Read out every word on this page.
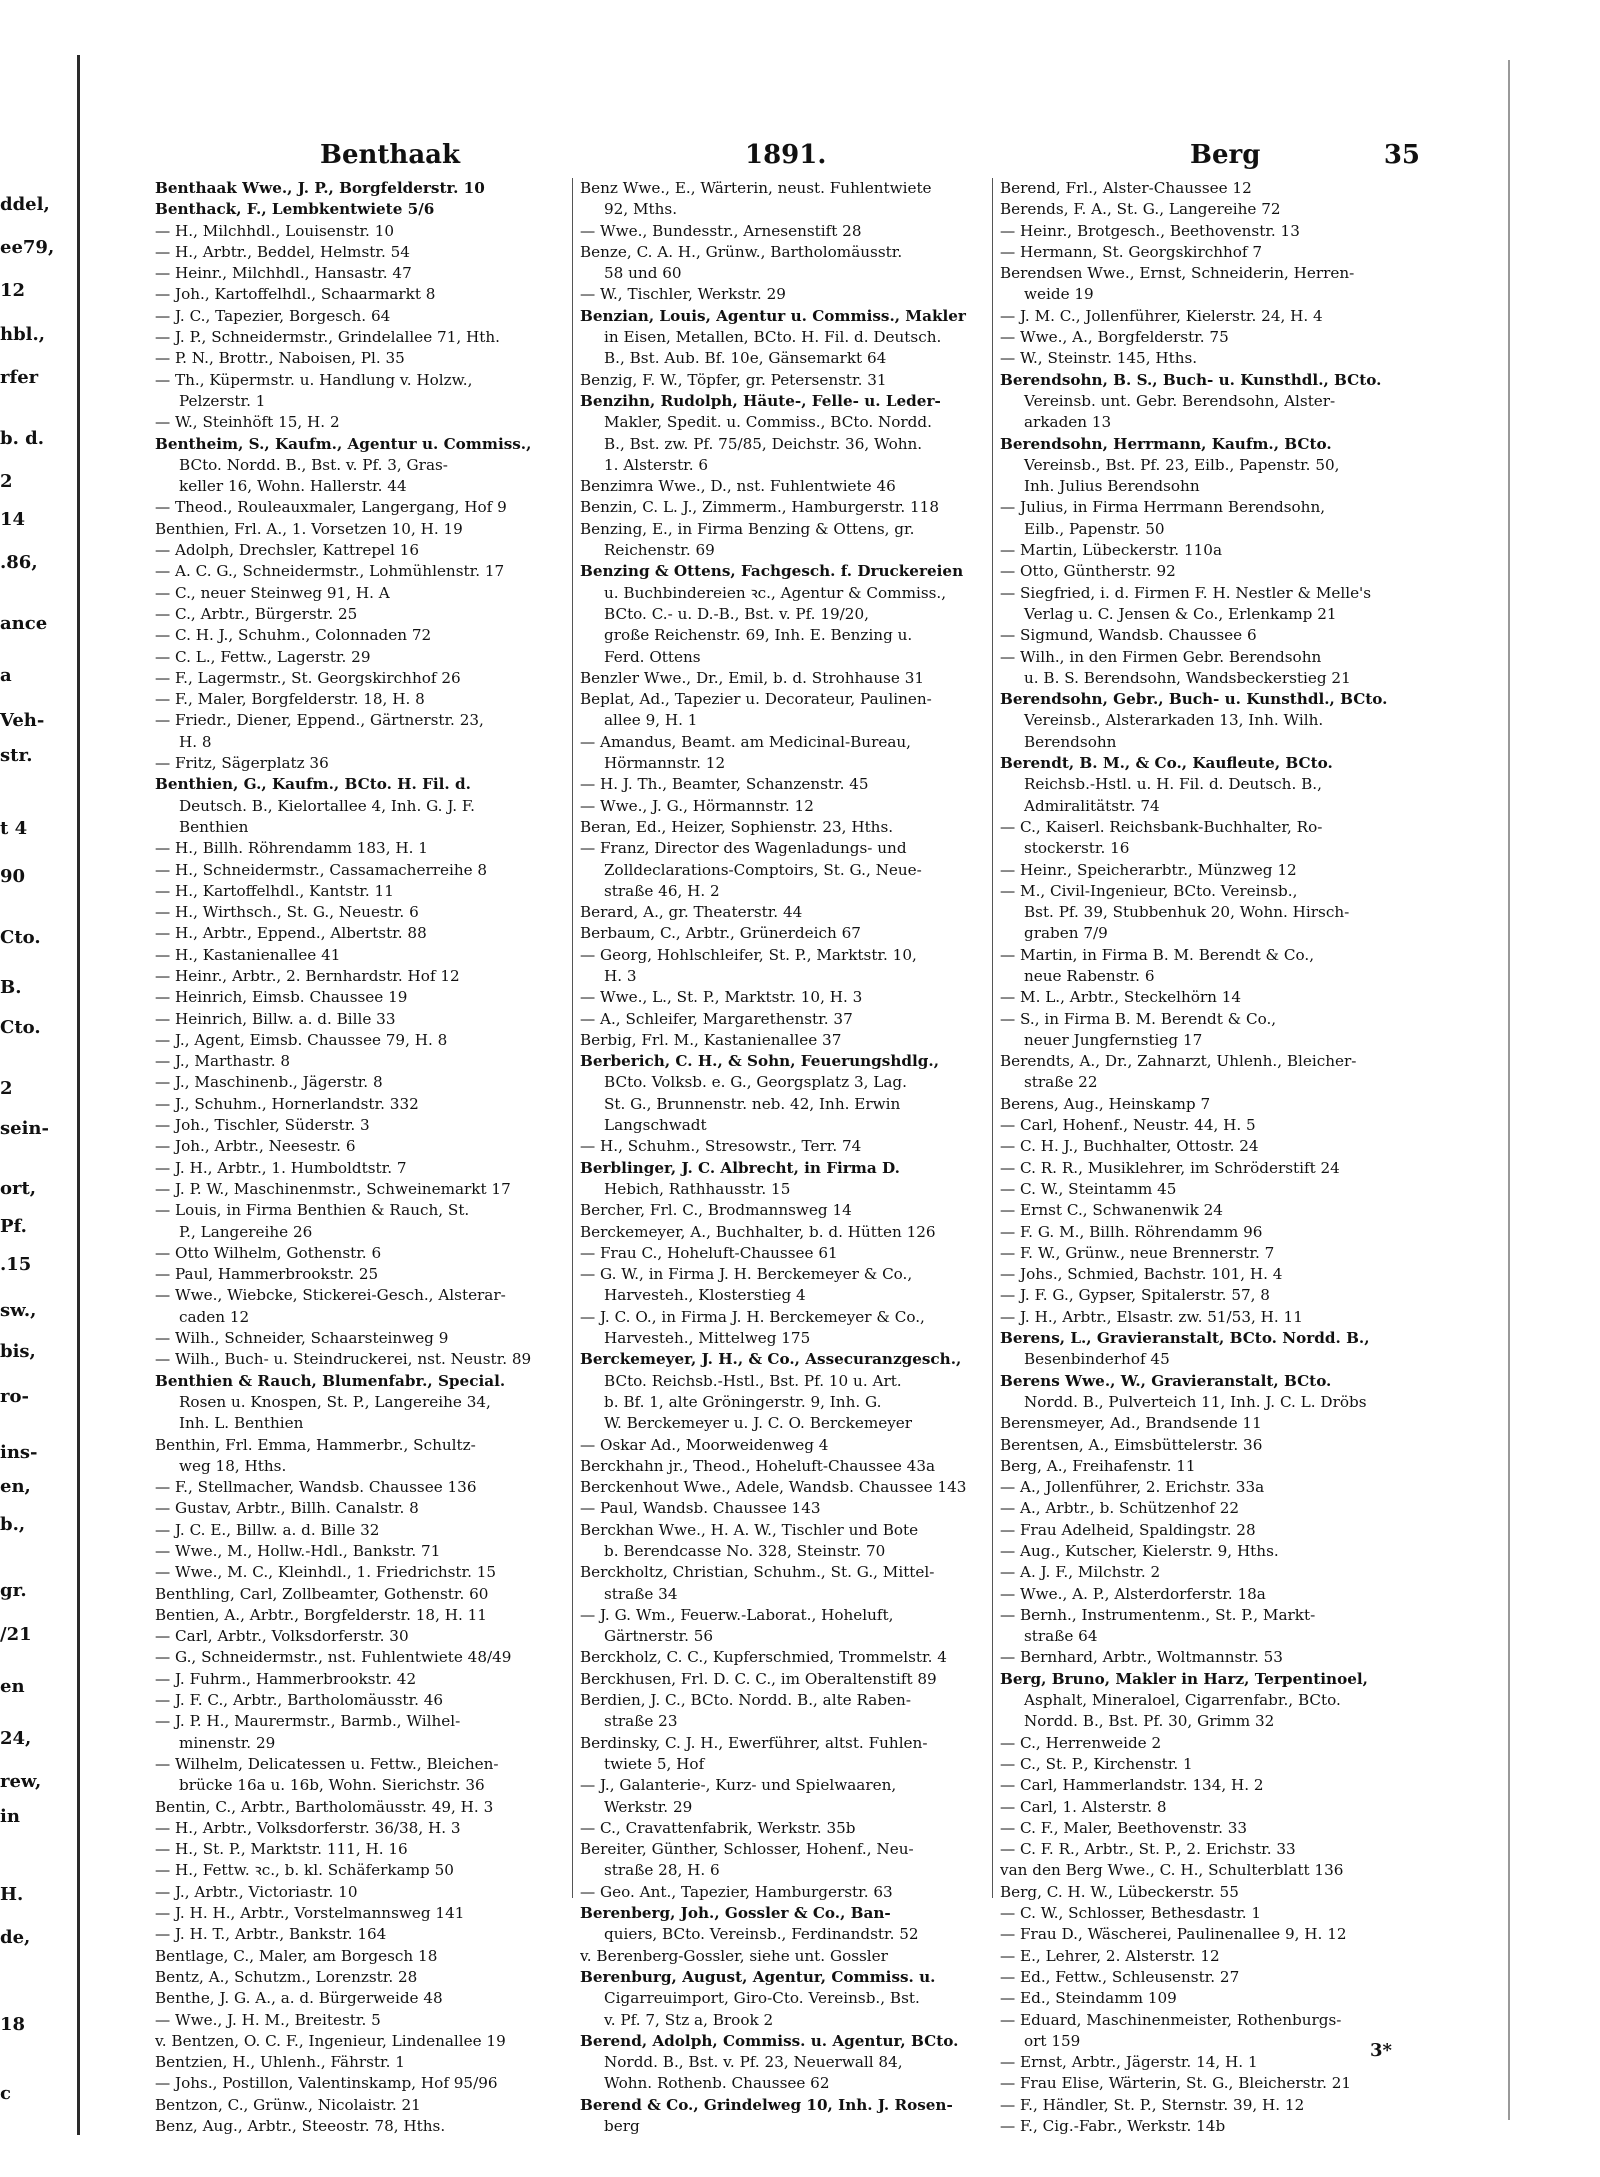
ddel,
ee79,
12
hbl.,
rfer
b. d.
2
14
.86,
ance
a
Veh-
str.
t 4
90
Cto.
B.
Cto.
2
sein-
ort,
Pf.
.15
sw.,
bis,
ro-
ins-
en,
b.,
gr.
/21
en
24,
rew,
in
H.
de,
18
c
Benthaak	1891.	Berg	35
Benthaak Wwe., J. P., Borgfelderstr. 10
Benthack, F., Lembkentwiete 5/6
— H., Milchhdl., Louisenstr. 10
— H., Arbtr., Beddel, Helmstr. 54
— Heinr., Milchhdl., Hansastr. 47
— Joh., Kartoffelhdl., Schaarmarkt 8
— J. C., Tapezier, Borgesch. 64
— J. P., Schneidermstr., Grindelallee 71, Hth.
— P. N., Brottr., Naboisen, Pl. 35
— Th., Küpermstr. u. Handlung v. Holzw.,
Pelzerstr. 1
— W., Steinhöft 15, H. 2
Bentheim, S., Kaufm., Agentur u. Commiss.,
BCto. Nordd. B., Bst. v. Pf. 3, Gras-
keller 16, Wohn. Hallerstr. 44
— Theod., Rouleauxmaler, Langergang, Hof 9
Benthien, Frl. A., 1. Vorsetzen 10, H. 19
— Adolph, Drechsler, Kattrepel 16
— A. C. G., Schneidermstr., Lohmühlenstr. 17
— C., neuer Steinweg 91, H. A
— C., Arbtr., Bürgerstr. 25
— C. H. J., Schuhm., Colonnaden 72
— C. L., Fettw., Lagerstr. 29
— F., Lagermstr., St. Georgskirchhof 26
— F., Maler, Borgfelderstr. 18, H. 8
— Friedr., Diener, Eppend., Gärtnerstr. 23,
H. 8
— Fritz, Sägerplatz 36
Benthien, G., Kaufm., BCto. H. Fil. d.
Deutsch. B., Kielortallee 4, Inh. G. J. F.
Benthien
— H., Billh. Röhrendamm 183, H. 1
— H., Schneidermstr., Cassamacherreihe 8
— H., Kartoffelhdl., Kantstr. 11
— H., Wirthsch., St. G., Neuestr. 6
— H., Arbtr., Eppend., Albertstr. 88
— H., Kastanienallee 41
— Heinr., Arbtr., 2. Bernhardstr. Hof 12
— Heinrich, Eimsb. Chaussee 19
— Heinrich, Billw. a. d. Bille 33
— J., Agent, Eimsb. Chaussee 79, H. 8
— J., Marthastr. 8
— J., Maschinenb., Jägerstr. 8
— J., Schuhm., Hornerlandstr. 332
— Joh., Tischler, Süderstr. 3
— Joh., Arbtr., Neesestr. 6
— J. H., Arbtr., 1. Humboldtstr. 7
— J. P. W., Maschinenmstr., Schweinemarkt 17
— Louis, in Firma Benthien & Rauch, St.
P., Langereihe 26
— Otto Wilhelm, Gothenstr. 6
— Paul, Hammerbrookstr. 25
— Wwe., Wiebcke, Stickerei-Gesch., Alsterar-
caden 12
— Wilh., Schneider, Schaarsteinweg 9
— Wilh., Buch- u. Steindruckerei, nst. Neustr. 89
Benthien & Rauch, Blumenfabr., Special.
Rosen u. Knospen, St. P., Langereihe 34,
Inh. L. Benthien
Benthin, Frl. Emma, Hammerbr., Schultz-
weg 18, Hths.
— F., Stellmacher, Wandsb. Chaussee 136
— Gustav, Arbtr., Billh. Canalstr. 8
— J. C. E., Billw. a. d. Bille 32
— Wwe., M., Hollw.-Hdl., Bankstr. 71
— Wwe., M. C., Kleinhdl., 1. Friedrichstr. 15
Benthling, Carl, Zollbeamter, Gothenstr. 60
Bentien, A., Arbtr., Borgfelderstr. 18, H. 11
— Carl, Arbtr., Volksdorferstr. 30
— G., Schneidermstr., nst. Fuhlentwiete 48/49
— J. Fuhrm., Hammerbrookstr. 42
— J. F. C., Arbtr., Bartholomäusstr. 46
— J. P. H., Maurermstr., Barmb., Wilhel-
minenstr. 29
— Wilhelm, Delicatessen u. Fettw., Bleichen-
brücke 16a u. 16b, Wohn. Sierichstr. 36
Bentin, C., Arbtr., Bartholomäusstr. 49, H. 3
— H., Arbtr., Volksdorferstr. 36/38, H. 3
— H., St. P., Marktstr. 111, H. 16
— H., Fettw. ꝛc., b. kl. Schäferkamp 50
— J., Arbtr., Victoriastr. 10
— J. H. H., Arbtr., Vorstelmannsweg 141
— J. H. T., Arbtr., Bankstr. 164
Bentlage, C., Maler, am Borgesch 18
Bentz, A., Schutzm., Lorenzstr. 28
Benthe, J. G. A., a. d. Bürgerweide 48
— Wwe., J. H. M., Breitestr. 5
v. Bentzen, O. C. F., Ingenieur, Lindenallee 19
Bentzien, H., Uhlenh., Fährstr. 1
— Johs., Postillon, Valentinskamp, Hof 95/96
Bentzon, C., Grünw., Nicolaistr. 21
Benz, Aug., Arbtr., Steeostr. 78, Hths.
Benz Wwe., E., Wärterin, neust. Fuhlentwiete
92, Mths.
— Wwe., Bundesstr., Arnesenstift 28
Benze, C. A. H., Grünw., Bartholomäusstr.
58 und 60
— W., Tischler, Werkstr. 29
Benzian, Louis, Agentur u. Commiss., Makler
in Eisen, Metallen, BCto. H. Fil. d. Deutsch.
B., Bst. Aub. Bf. 10e, Gänsemarkt 64
Benzig, F. W., Töpfer, gr. Petersenstr. 31
Benzihn, Rudolph, Häute-, Felle- u. Leder-
Makler, Spedit. u. Commiss., BCto. Nordd.
B., Bst. zw. Pf. 75/85, Deichstr. 36, Wohn.
1. Alsterstr. 6
Benzimra Wwe., D., nst. Fuhlentwiete 46
Benzin, C. L. J., Zimmerm., Hamburgerstr. 118
Benzing, E., in Firma Benzing & Ottens, gr.
Reichenstr. 69
Benzing & Ottens, Fachgesch. f. Druckereien
u. Buchbindereien ꝛc., Agentur & Commiss.,
BCto. C.- u. D.-B., Bst. v. Pf. 19/20,
große Reichenstr. 69, Inh. E. Benzing u.
Ferd. Ottens
Benzler Wwe., Dr., Emil, b. d. Strohhause 31
Beplat, Ad., Tapezier u. Decorateur, Paulinen-
allee 9, H. 1
— Amandus, Beamt. am Medicinal-Bureau,
Hörmannstr. 12
— H. J. Th., Beamter, Schanzenstr. 45
— Wwe., J. G., Hörmannstr. 12
Beran, Ed., Heizer, Sophienstr. 23, Hths.
— Franz, Director des Wagenladungs- und
Zolldeclarations-Comptoirs, St. G., Neue-
straße 46, H. 2
Berard, A., gr. Theaterstr. 44
Berbaum, C., Arbtr., Grünerdeich 67
— Georg, Hohlschleifer, St. P., Marktstr. 10,
H. 3
— Wwe., L., St. P., Marktstr. 10, H. 3
— A., Schleifer, Margarethenstr. 37
Berbig, Frl. M., Kastanienallee 37
Berberich, C. H., & Sohn, Feuerungshdlg.,
BCto. Volksb. e. G., Georgsplatz 3, Lag.
St. G., Brunnenstr. neb. 42, Inh. Erwin
Langschwadt
— H., Schuhm., Stresowstr., Terr. 74
Berblinger, J. C. Albrecht, in Firma D.
Hebich, Rathhausstr. 15
Bercher, Frl. C., Brodmannsweg 14
Berckemeyer, A., Buchhalter, b. d. Hütten 126
— Frau C., Hoheluft-Chaussee 61
— G. W., in Firma J. H. Berckemeyer & Co.,
Harvesteh., Klosterstieg 4
— J. C. O., in Firma J. H. Berckemeyer & Co.,
Harvesteh., Mittelweg 175
Berckemeyer, J. H., & Co., Assecuranzgesch.,
BCto. Reichsb.-Hstl., Bst. Pf. 10 u. Art.
b. Bf. 1, alte Gröningerstr. 9, Inh. G.
W. Berckemeyer u. J. C. O. Berckemeyer
— Oskar Ad., Moorweidenweg 4
Berckhahn jr., Theod., Hoheluft-Chaussee 43a
Berckenhout Wwe., Adele, Wandsb. Chaussee 143
— Paul, Wandsb. Chaussee 143
Berckhan Wwe., H. A. W., Tischler und Bote
b. Berendcasse No. 328, Steinstr. 70
Berckholtz, Christian, Schuhm., St. G., Mittel-
straße 34
— J. G. Wm., Feuerw.-Laborat., Hoheluft,
Gärtnerstr. 56
Berckholz, C. C., Kupferschmied, Trommelstr. 4
Berckhusen, Frl. D. C. C., im Oberaltenstift 89
Berdien, J. C., BCto. Nordd. B., alte Raben-
straße 23
Berdinsky, C. J. H., Ewerführer, altst. Fuhlen-
twiete 5, Hof
— J., Galanterie-, Kurz- und Spielwaaren,
Werkstr. 29
— C., Cravattenfabrik, Werkstr. 35b
Bereiter, Günther, Schlosser, Hohenf., Neu-
straße 28, H. 6
— Geo. Ant., Tapezier, Hamburgerstr. 63
Berenberg, Joh., Gossler & Co., Ban-
quiers, BCto. Vereinsb., Ferdinandstr. 52
v. Berenberg-Gossler, siehe unt. Gossler
Berenburg, August, Agentur, Commiss. u.
Cigarreuimport, Giro-Cto. Vereinsb., Bst.
v. Pf. 7, Stz a, Brook 2
Berend, Adolph, Commiss. u. Agentur, BCto.
Nordd. B., Bst. v. Pf. 23, Neuerwall 84,
Wohn. Rothenb. Chaussee 62
Berend & Co., Grindelweg 10, Inh. J. Rosen-
berg
Berend, Frl., Alster-Chaussee 12
Berends, F. A., St. G., Langereihe 72
— Heinr., Brotgesch., Beethovenstr. 13
— Hermann, St. Georgskirchhof 7
Berendsen Wwe., Ernst, Schneiderin, Herren-
weide 19
— J. M. C., Jollenführer, Kielerstr. 24, H. 4
— Wwe., A., Borgfelderstr. 75
— W., Steinstr. 145, Hths.
Berendsohn, B. S., Buch- u. Kunsthdl., BCto.
Vereinsb. unt. Gebr. Berendsohn, Alster-
arkaden 13
Berendsohn, Herrmann, Kaufm., BCto.
Vereinsb., Bst. Pf. 23, Eilb., Papenstr. 50,
Inh. Julius Berendsohn
— Julius, in Firma Herrmann Berendsohn,
Eilb., Papenstr. 50
— Martin, Lübeckerstr. 110a
— Otto, Güntherstr. 92
— Siegfried, i. d. Firmen F. H. Nestler & Melle's
Verlag u. C. Jensen & Co., Erlenkamp 21
— Sigmund, Wandsb. Chaussee 6
— Wilh., in den Firmen Gebr. Berendsohn
u. B. S. Berendsohn, Wandsbeckerstieg 21
Berendsohn, Gebr., Buch- u. Kunsthdl., BCto.
Vereinsb., Alsterarkaden 13, Inh. Wilh.
Berendsohn
Berendt, B. M., & Co., Kaufleute, BCto.
Reichsb.-Hstl. u. H. Fil. d. Deutsch. B.,
Admiralitätstr. 74
— C., Kaiserl. Reichsbank-Buchhalter, Ro-
stockerstr. 16
— Heinr., Speicherarbtr., Münzweg 12
— M., Civil-Ingenieur, BCto. Vereinsb.,
Bst. Pf. 39, Stubbenhuk 20, Wohn. Hirsch-
graben 7/9
— Martin, in Firma B. M. Berendt & Co.,
neue Rabenstr. 6
— M. L., Arbtr., Steckelhörn 14
— S., in Firma B. M. Berendt & Co.,
neuer Jungfernstieg 17
Berendts, A., Dr., Zahnarzt, Uhlenh., Bleicher-
straße 22
Berens, Aug., Heinskamp 7
— Carl, Hohenf., Neustr. 44, H. 5
— C. H. J., Buchhalter, Ottostr. 24
— C. R. R., Musiklehrer, im Schröderstift 24
— C. W., Steintamm 45
— Ernst C., Schwanenwik 24
— F. G. M., Billh. Röhrendamm 96
— F. W., Grünw., neue Brennerstr. 7
— Johs., Schmied, Bachstr. 101, H. 4
— J. F. G., Gypser, Spitalerstr. 57, 8
— J. H., Arbtr., Elsastr. zw. 51/53, H. 11
Berens, L., Gravieranstalt, BCto. Nordd. B.,
Besenbinderhof 45
Berens Wwe., W., Gravieranstalt, BCto.
Nordd. B., Pulverteich 11, Inh. J. C. L. Dröbs
Berensmeyer, Ad., Brandsende 11
Berentsen, A., Eimsbüttelerstr. 36
Berg, A., Freihafenstr. 11
— A., Jollenführer, 2. Erichstr. 33a
— A., Arbtr., b. Schützenhof 22
— Frau Adelheid, Spaldingstr. 28
— Aug., Kutscher, Kielerstr. 9, Hths.
— A. J. F., Milchstr. 2
— Wwe., A. P., Alsterdorferstr. 18a
— Bernh., Instrumentenm., St. P., Markt-
straße 64
— Bernhard, Arbtr., Woltmannstr. 53
Berg, Bruno, Makler in Harz, Terpentinoel,
Asphalt, Mineraloel, Cigarrenfabr., BCto.
Nordd. B., Bst. Pf. 30, Grimm 32
— C., Herrenweide 2
— C., St. P., Kirchenstr. 1
— Carl, Hammerlandstr. 134, H. 2
— Carl, 1. Alsterstr. 8
— C. F., Maler, Beethovenstr. 33
— C. F. R., Arbtr., St. P., 2. Erichstr. 33
van den Berg Wwe., C. H., Schulterblatt 136
Berg, C. H. W., Lübeckerstr. 55
— C. W., Schlosser, Bethesdastr. 1
— Frau D., Wäscherei, Paulinenallee 9, H. 12
— E., Lehrer, 2. Alsterstr. 12
— Ed., Fettw., Schleusenstr. 27
— Ed., Steindamm 109
— Eduard, Maschinenmeister, Rothenburgs-
ort 159
— Ernst, Arbtr., Jägerstr. 14, H. 1
— Frau Elise, Wärterin, St. G., Bleicherstr. 21
— F., Händler, St. P., Sternstr. 39, H. 12
— F., Cig.-Fabr., Werkstr. 14b
3*
